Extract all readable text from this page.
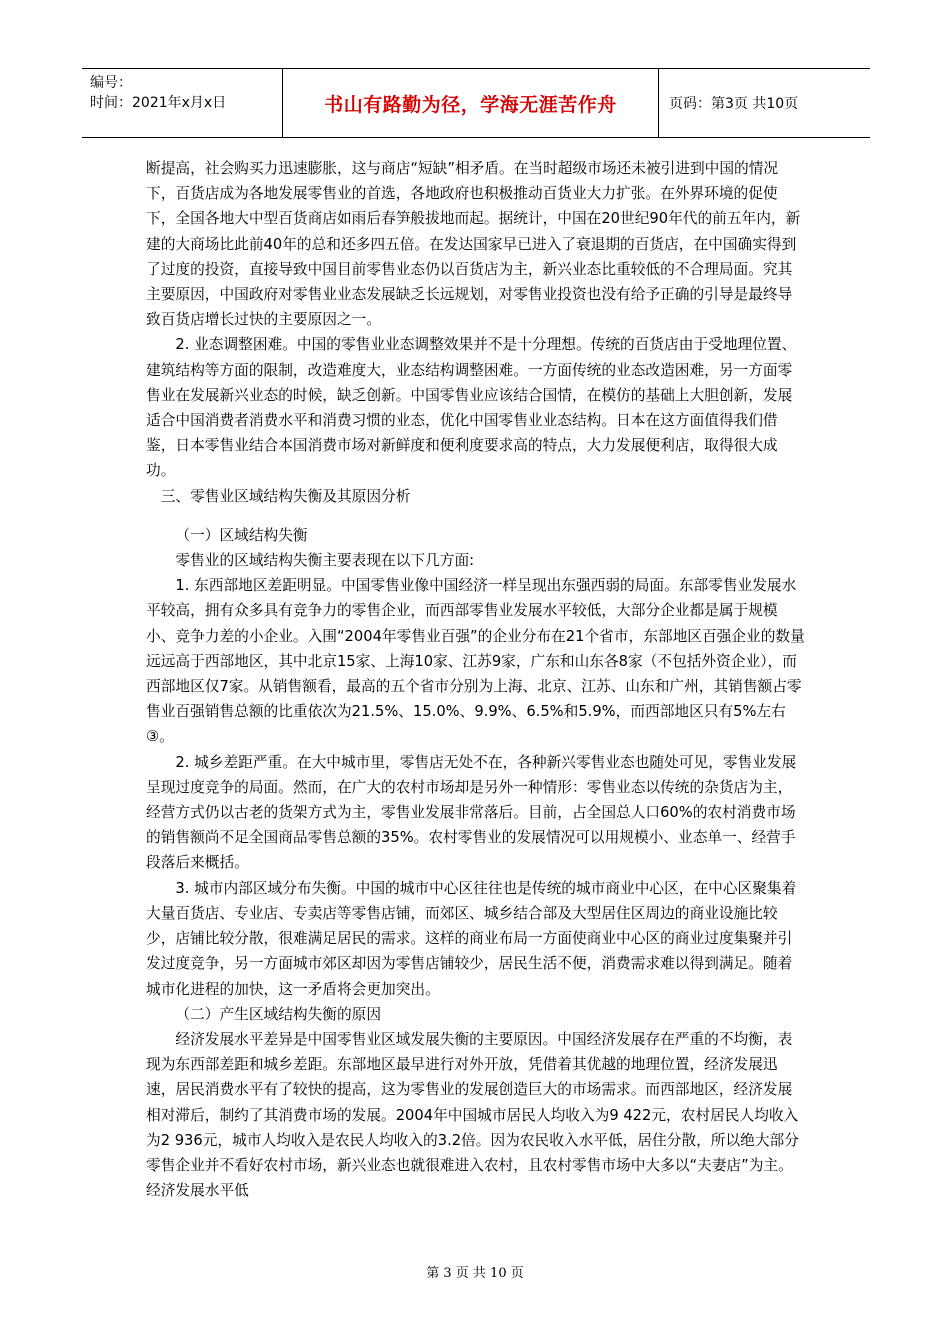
编号：
时间：2021年x月x日	书山有路勤为径，学海无涯苦作舟	页码：第3页 共10页

断提高，社会购买力迅速膨胀，这与商店“短缺”相矛盾。在当时超级市场还未被引进到中国的情况下，百货店成为各地发展零售业的首选，各地政府也积极推动百货业大力扩张。在外界环境的促使下，全国各地大中型百货商店如雨后春笋般拔地而起。据统计，中国在20世纪90年代的前五年内，新建的大商场比此前40年的总和还多四五倍。在发达国家早已进入了衰退期的百货店，在中国确实得到了过度的投资，直接导致中国目前零售业态仍以百货店为主，新兴业态比重较低的不合理局面。究其主要原因，中国政府对零售业业态发展缺乏长远规划，对零售业投资也没有给予正确的引导是最终导致百货店增长过快的主要原因之一。

2. 业态调整困难。中国的零售业业态调整效果并不是十分理想。传统的百货店由于受地理位置、建筑结构等方面的限制，改造难度大，业态结构调整困难。一方面传统的业态改造困难，另一方面零售业在发展新兴业态的时候，缺乏创新。中国零售业应该结合国情，在模仿的基础上大胆创新，发展适合中国消费者消费水平和消费习惯的业态，优化中国零售业业态结构。日本在这方面值得我们借鉴，日本零售业结合本国消费市场对新鲜度和便利度要求高的特点，大力发展便利店，取得很大成功。

三、零售业区域结构失衡及其原因分析

（一）区域结构失衡

零售业的区域结构失衡主要表现在以下几方面:

1. 东西部地区差距明显。中国零售业像中国经济一样呈现出东强西弱的局面。东部零售业发展水平较高，拥有众多具有竞争力的零售企业，而西部零售业发展水平较低，大部分企业都是属于规模小、竞争力差的小企业。入围“2004年零售业百强”的企业分布在21个省市，东部地区百强企业的数量远远高于西部地区，其中北京15家、上海10家、江苏9家，广东和山东各8家（不包括外资企业），而西部地区仅7家。从销售额看，最高的五个省市分别为上海、北京、江苏、山东和广州，其销售额占零售业百强销售总额的比重依次为21.5%、15.0%、9.9%、6.5%和5.9%，而西部地区只有5%左右③。

2. 城乡差距严重。在大中城市里，零售店无处不在，各种新兴零售业态也随处可见，零售业发展呈现过度竞争的局面。然而，在广大的农村市场却是另外一种情形：零售业态以传统的杂货店为主，经营方式仍以古老的货架方式为主，零售业发展非常落后。目前，占全国总人口60%的农村消费市场的销售额尚不足全国商品零售总额的35%。农村零售业的发展情况可以用规模小、业态单一、经营手段落后来概括。

3. 城市内部区域分布失衡。中国的城市中心区往往也是传统的城市商业中心区，在中心区聚集着大量百货店、专业店、专卖店等零售店铺，而郊区、城乡结合部及大型居住区周边的商业设施比较少，店铺比较分散，很难满足居民的需求。这样的商业布局一方面使商业中心区的商业过度集聚并引发过度竞争，另一方面城市郊区却因为零售店铺较少，居民生活不便，消费需求难以得到满足。随着城市化进程的加快，这一矛盾将会更加突出。

（二）产生区域结构失衡的原因

经济发展水平差异是中国零售业区域发展失衡的主要原因。中国经济发展存在严重的不均衡，表现为东西部差距和城乡差距。东部地区最早进行对外开放，凭借着其优越的地理位置，经济发展迅速，居民消费水平有了较快的提高，这为零售业的发展创造巨大的市场需求。而西部地区，经济发展相对滞后，制约了其消费市场的发展。2004年中国城市居民人均收入为9 422元，农村居民人均收入为2 936元，城市人均收入是农民人均收入的3.2倍。因为农民收入水平低，居住分散，所以绝大部分零售企业并不看好农村市场，新兴业态也就很难进入农村，且农村零售市场中大多以“夫妻店”为主。经济发展水平低

第 3 页 共 10 页
